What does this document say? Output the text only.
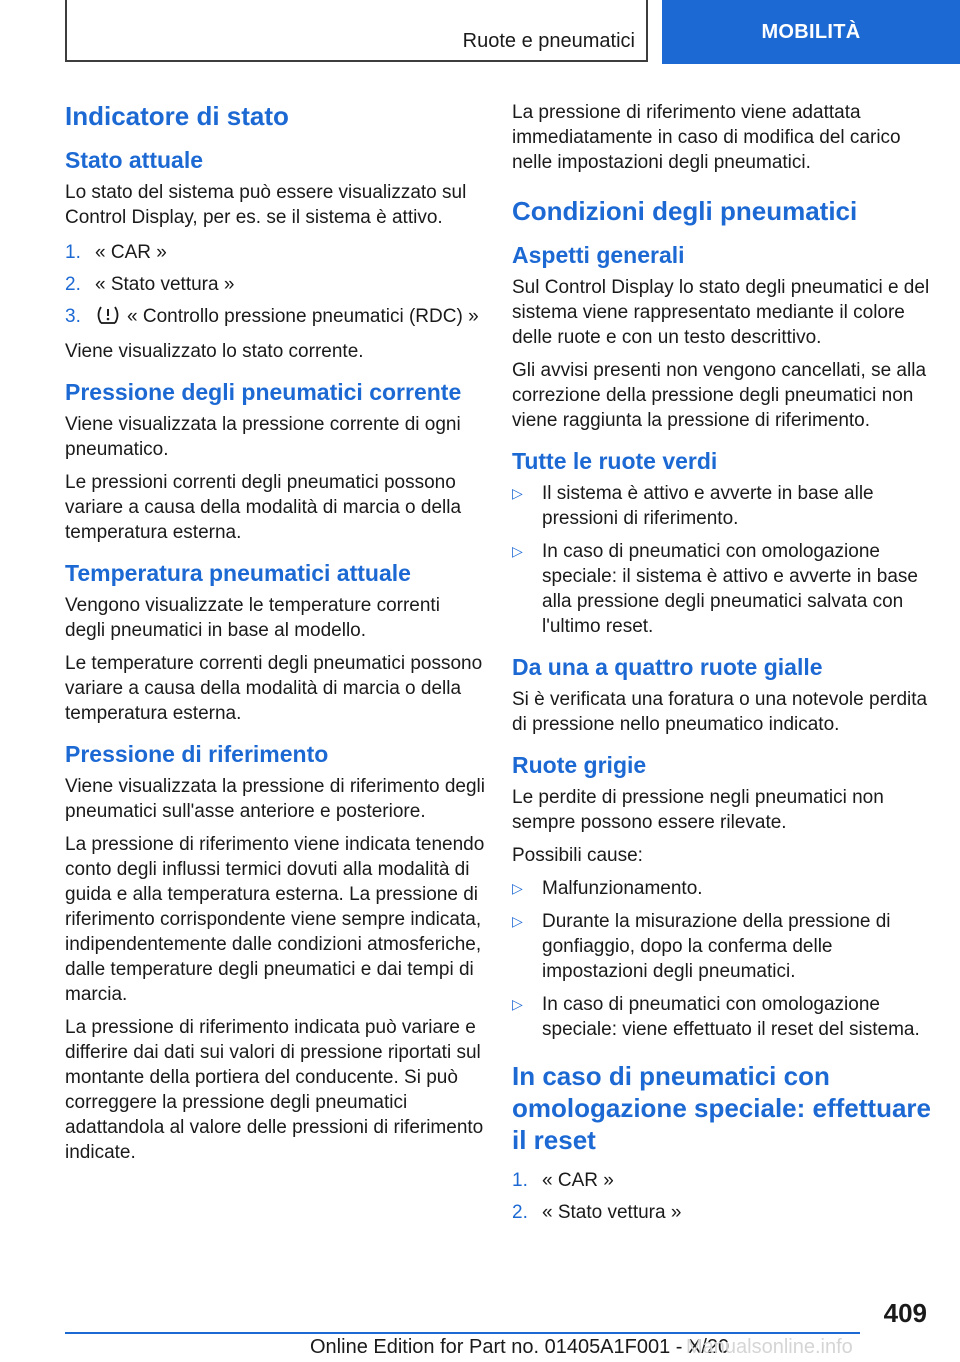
Ruote e pneumatici	MOBILITÀ
Indicatore di stato
Stato attuale

Lo stato del sistema può essere visualizzato sul Control Display, per es. se il sistema è attivo.

1. « CAR »
2. « Stato vettura »
3.	« Controllo pressione pneumatici (RDC) »

Viene visualizzato lo stato corrente.

Pressione degli pneumatici corrente

Viene visualizzata la pressione corrente di ogni pneumatico.

Le pressioni correnti degli pneumatici possono variare a causa della modalità di marcia o della temperatura esterna.

Temperatura pneumatici attuale

Vengono visualizzate le temperature correnti degli pneumatici in base al modello.

Le temperature correnti degli pneumatici possono variare a causa della modalità di marcia o della temperatura esterna.

Pressione di riferimento

Viene visualizzata la pressione di riferimento degli pneumatici sull'asse anteriore e posteriore.

La pressione di riferimento viene indicata tenendo conto degli influssi termici dovuti alla modalità di guida e alla temperatura esterna. La pressione di riferimento corrispondente viene sempre indicata, indipendentemente dalle condizioni atmosferiche, dalle temperature degli pneumatici e dai tempi di marcia.

La pressione di riferimento indicata può variare e differire dai dati sui valori di pressione riportati sul montante della portiera del conducente. Si può correggere la pressione degli pneumatici adattandola al valore delle pressioni di riferimento indicate.

La pressione di riferimento viene adattata immediatamente in caso di modifica del carico nelle impostazioni degli pneumatici.

Condizioni degli pneumatici
Aspetti generali

Sul Control Display lo stato degli pneumatici e del sistema viene rappresentato mediante il colore delle ruote e con un testo descrittivo.

Gli avvisi presenti non vengono cancellati, se alla correzione della pressione degli pneumatici non viene raggiunta la pressione di riferimento.

Tutte le ruote verdi
▷	Il sistema è attivo e avverte in base alle pressioni di riferimento.
▷	In caso di pneumatici con omologazione speciale: il sistema è attivo e avverte in base alla pressione degli pneumatici salvata con l'ultimo reset.
Da una a quattro ruote gialle

Si è verificata una foratura o una notevole perdita di pressione nello pneumatico indicato.

Ruote grigie

Le perdite di pressione negli pneumatici non sempre possono essere rilevate.

Possibili cause:

▷	Malfunzionamento.
▷	Durante la misurazione della pressione di gonfiaggio, dopo la conferma delle impostazioni degli pneumatici.
▷	In caso di pneumatici con omologazione speciale: viene effettuato il reset del sistema.
In caso di pneumatici con omologazione speciale: effettuare il reset
1. « CAR »
2. « Stato vettura »
409
Online Edition for Part no. 01405A1F001 - X/20
Manualsonline.info
